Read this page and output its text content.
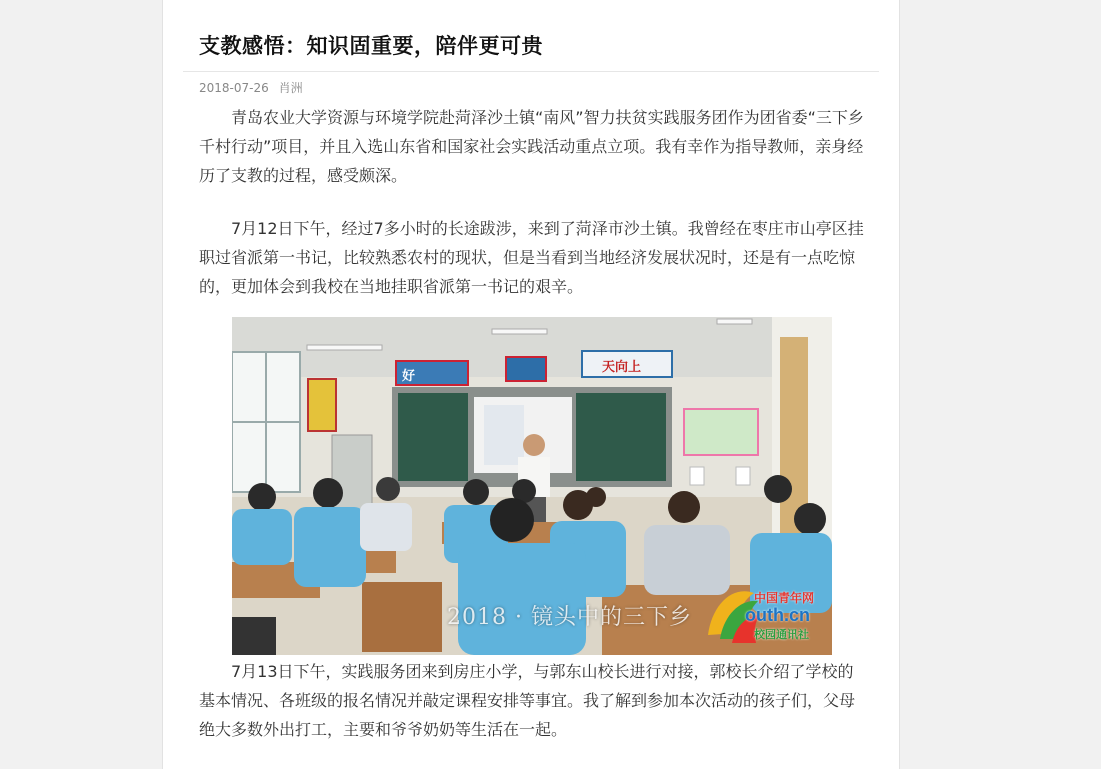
支教感悟：知识固重要，陪伴更可贵
2018-07-26 肖洲

青岛农业大学资源与环境学院赴菏泽沙土镇“南风”智力扶贫实践服务团作为团省委“三下乡 千村行动”项目，并且入选山东省和国家社会实践活动重点立项。我有幸作为指导教师，亲身经历了支教的过程，感受颇深。

7月12日下午，经过7多小时的长途跋涉，来到了菏泽市沙土镇。我曾经在枣庄市山亭区挂职过省派第一书记，比较熟悉农村的现状，但是当看到当地经济发展状况时，还是有一点吃惊的，更加体会到我校在当地挂职省派第一书记的艰辛。

天向上
好
2018 · 镜头中的三下乡
中国青年网
outh.cn
校园通讯社

7月13日下午，实践服务团来到房庄小学，与郭东山校长进行对接，郭校长介绍了学校的基本情况、各班级的报名情况并敲定课程安排等事宜。我了解到参加本次活动的孩子们，父母绝大多数外出打工，主要和爷爷奶奶等生活在一起。
